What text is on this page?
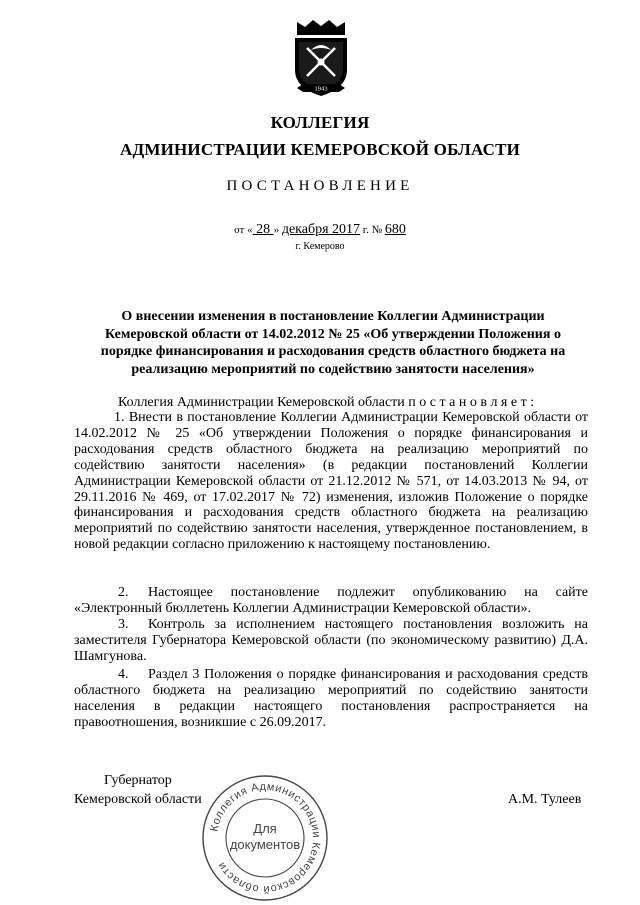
1943
КОЛЛЕГИЯ
АДМИНИСТРАЦИИ КЕМЕРОВСКОЙ ОБЛАСТИ
ПОСТАНОВЛЕНИЕ
от « 28 » декабря 2017 г. № 680
г. Кемерово
О внесении изменения в постановление Коллегии Администрации
Кемеровской области от 14.02.2012 № 25 «Об утверждении Положения о
порядке финансирования и расходования средств областного бюджета на
реализацию мероприятий по содействию занятости населения»
Коллегия Администрации Кемеровской области п о с т а н о в л я е т :

1. Внести в постановление Коллегии Администрации Кемеровской области от 14.02.2012 № 25 «Об утверждении Положения о порядке финансирования и расходования средств областного бюджета на реализацию мероприятий по содействию занятости населения» (в редакции постановлений Коллегии Администрации Кемеровской области от 21.12.2012 № 571, от 14.03.2013 № 94, от 29.11.2016 № 469, от 17.02.2017 № 72) изменения, изложив Положение о порядке финансирования и расходования средств областного бюджета на реализацию мероприятий по содействию занятости населения, утвержденное постановлением, в новой редакции согласно приложению к настоящему постановлению.

2.	Настоящее постановление подлежит опубликованию на сайте «Электронный бюллетень Коллегии Администрации Кемеровской области».

3.	Контроль за исполнением настоящего постановления возложить на заместителя Губернатора Кемеровской области (по экономическому развитию) Д.А. Шамгунова.

4.	Раздел 3 Положения о порядке финансирования и расходования средств областного бюджета на реализацию мероприятий по содействию занятости населения в редакции настоящего постановления распространяется на правоотношения, возникшие с 26.09.2017.

Губернатор
Кемеровской области	А.М. Тулеев
Коллегия Администрации Кемеровской области
Для
документов
